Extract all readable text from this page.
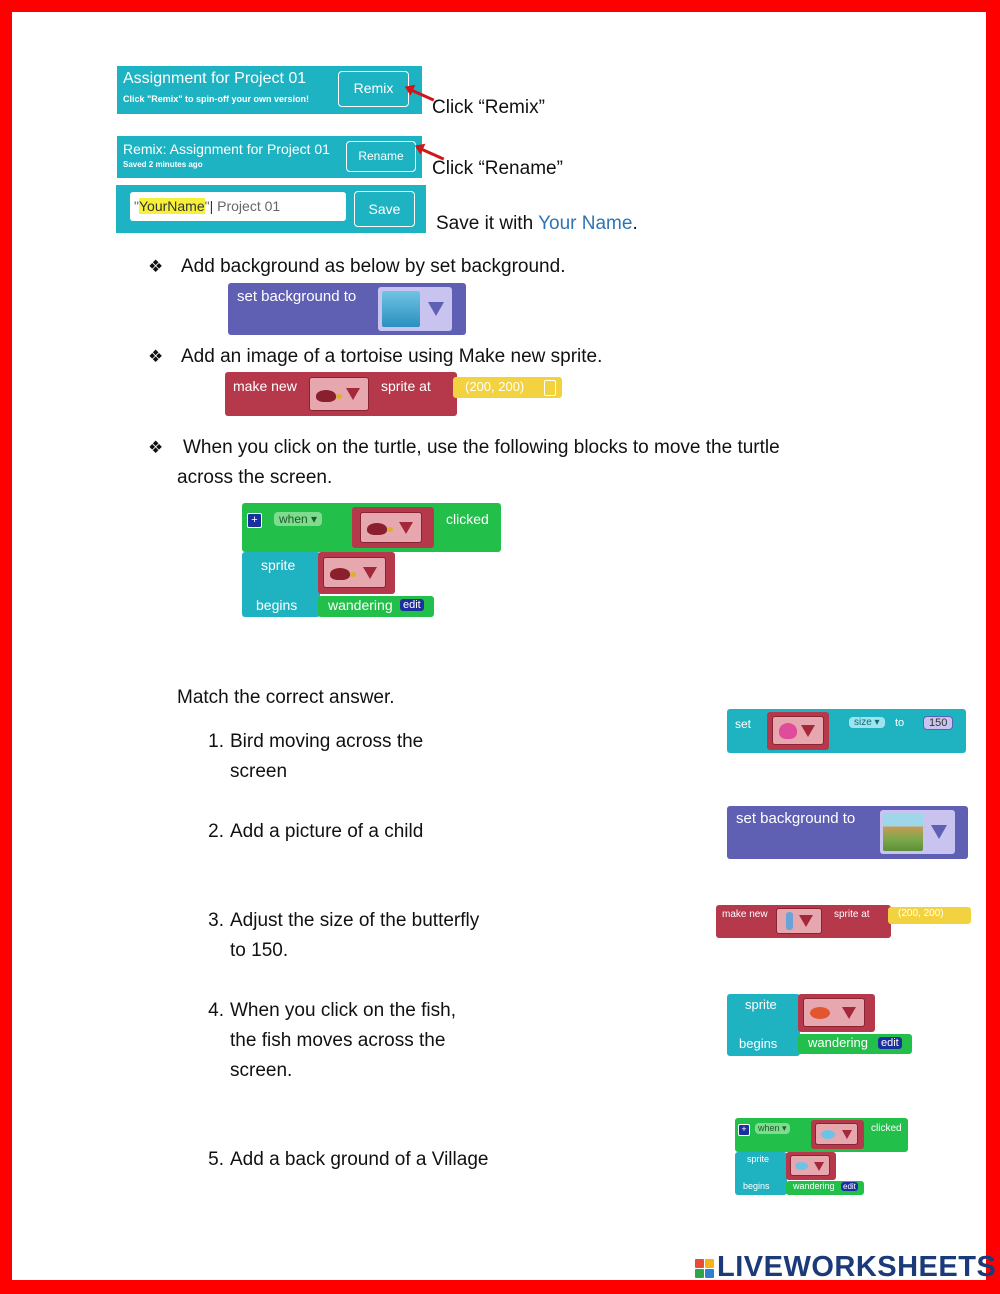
Assignment for Project 01
Click "Remix" to spin-off your own version!
Remix
Click “Remix”
Remix: Assignment for Project 01
Saved 2 minutes ago
Rename
Click “Rename”
"YourName"| Project 01	Save
Save it with Your Name.
❖ Add background as below by set background.
set background to
❖ Add an image of a tortoise using Make new sprite.
make new	sprite at	(200, 200)
❖ When you click on the turtle, use the following blocks to move the turtle
across the screen.
+	when ▾	clicked
sprite
begins wandering edit
Match the correct answer.
1. Bird moving across the
screen
2. Add a picture of a child
3. Adjust the size of the butterfly
to 150.
4. When you click on the fish,
the fish moves across the
screen.
5. Add a back ground of a Village
set	size ▾	to	150
set background to
make new	sprite at	(200, 200)
sprite
begins wandering edit
+	when ▾	clicked
sprite
begins	wandering edit
LIVEWORKSHEETS
